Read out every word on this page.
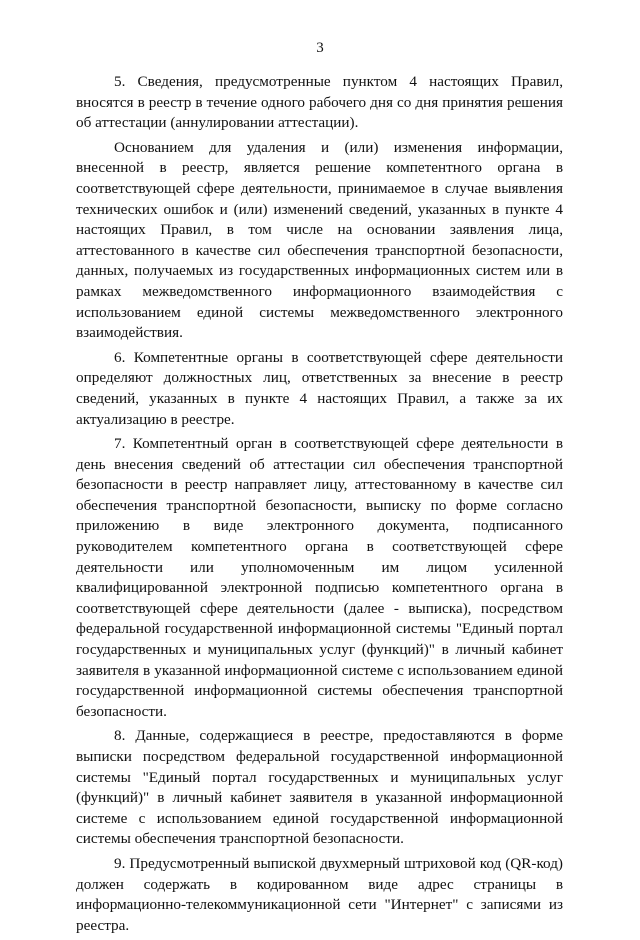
3

5. Сведения, предусмотренные пунктом 4 настоящих Правил, вносятся в реестр в течение одного рабочего дня со дня принятия решения об аттестации (аннулировании аттестации).

Основанием для удаления и (или) изменения информации, внесенной в реестр, является решение компетентного органа в соответствующей сфере деятельности, принимаемое в случае выявления технических ошибок и (или) изменений сведений, указанных в пункте 4 настоящих Правил, в том числе на основании заявления лица, аттестованного в качестве сил обеспечения транспортной безопасности, данных, получаемых из государственных информационных систем или в рамках межведомственного информационного взаимодействия с использованием единой системы межведомственного электронного взаимодействия.

6. Компетентные органы в соответствующей сфере деятельности определяют должностных лиц, ответственных за внесение в реестр сведений, указанных в пункте 4 настоящих Правил, а также за их актуализацию в реестре.

7. Компетентный орган в соответствующей сфере деятельности в день внесения сведений об аттестации сил обеспечения транспортной безопасности в реестр направляет лицу, аттестованному в качестве сил обеспечения транспортной безопасности, выписку по форме согласно приложению в виде электронного документа, подписанного руководителем компетентного органа в соответствующей сфере деятельности или уполномоченным им лицом усиленной квалифицированной электронной подписью компетентного органа в соответствующей сфере деятельности (далее - выписка), посредством федеральной государственной информационной системы "Единый портал государственных и муниципальных услуг (функций)" в личный кабинет заявителя в указанной информационной системе с использованием единой государственной информационной системы обеспечения транспортной безопасности.

8. Данные, содержащиеся в реестре, предоставляются в форме выписки посредством федеральной государственной информационной системы "Единый портал государственных и муниципальных услуг (функций)" в личный кабинет заявителя в указанной информационной системе с использованием единой государственной информационной системы обеспечения транспортной безопасности.

9. Предусмотренный выпиской двухмерный штриховой код (QR-код) должен содержать в кодированном виде адрес страницы в информационно-телекоммуникационной сети "Интернет" с записями из реестра.
